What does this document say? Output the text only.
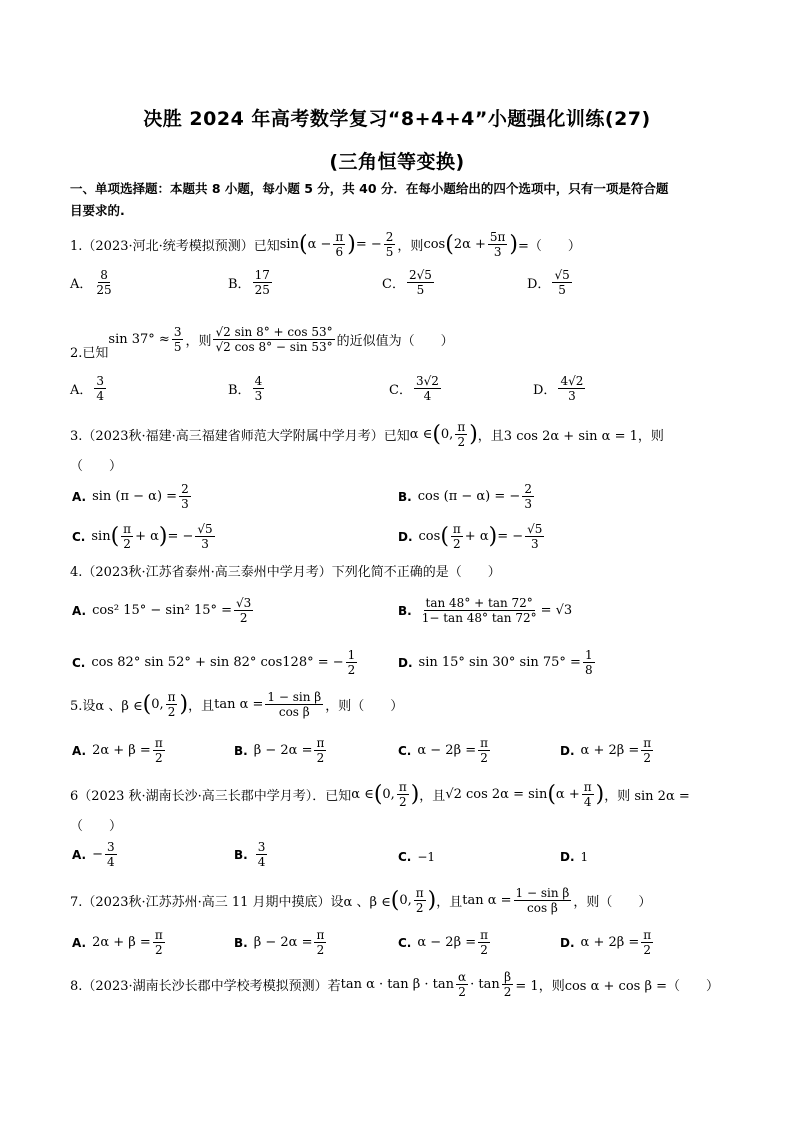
决胜 2024 年高考数学复习“8+4+4”小题强化训练(27)
(三角恒等变换)
一、单项选择题：本题共 8 小题，每小题 5 分，共 40 分．在每小题给出的四个选项中，只有一项是符合题
目要求的.
1.（2023·河北·统考模拟预测）已知 sin ( $\alpha - \frac{\pi}{6}$ ) = − $\frac{2}{5}$ ，则 cos ( $2\alpha + \frac{5\pi}{3}$ ) =（　　）
A． $\frac{8}{25}$	B． $\frac{17}{25}$	C． $\frac{2√5}{5}$	D． $\frac{√5}{5}$
2.已知
$\sin 37^\circ \approx \frac{3}{5}$ ，则 $\frac{√2 \sin 8^\circ + \cos 53^\circ}{√2 \cos 8^\circ - \sin 53^\circ}$ 的近似值为（　　）
A． $\frac{3}{4}$	B． $\frac{4}{3}$	C． $\frac{3√2}{4}$	D． $\frac{4√2}{3}$
3.（2023秋·福建·高三福建省师范大学附属中学月考）已知 α ∈ ( 0, $\frac{\pi}{2}$ ) ，且3 cos 2α + sin α = 1，则
（　　）
A. $\sin (\pi - \alpha) = \frac{2}{3}$	B. cos (π − α) = − $\frac{2}{3}$
C. sin ( $\frac{\pi}{2} + \alpha$ ) = − $\frac{√5}{3}$	D. cos ( $\frac{\pi}{2} + \alpha$ ) = − $\frac{√5}{3}$
4.（2023秋·江苏省泰州·高三泰州中学月考）下列化简不正确的是（　　）
A. cos² 15° − sin² $15^\circ = \frac{√3}{2}$	B. $\frac{\tan 48^\circ + \tan 72^\circ}{1- \tan 48^\circ \tan 72^\circ} = √3$
C. cos 82° sin 52° + sin 82° cos128° = − $\frac{1}{2}$	D. sin 15° sin 30° $\sin 75^\circ = \frac{1}{8}$
5.设α 、β ∈ ( 0, $\frac{\pi}{2}$ ) ，且 $\tan \alpha = \frac{\text{1 − sin β}}{\text{cos β}}$ ，则（　　）
A. $2\alpha + \beta = \frac{\pi}{2}$	B. $\beta - 2\alpha = \frac{\pi}{2}$	C. $\alpha - 2\beta = \frac{\pi}{2}$	D. $\alpha + 2\beta = \frac{\pi}{2}$
6（2023 秋·湖南长沙·高三长郡中学月考）．已知 α ∈ ( 0, $\frac{\pi}{2}$ ) ，且 √2 cos 2α = sin ( $\alpha + \frac{\pi}{4}$ ) ，则 sin 2α =
（　　）
A. − $\frac{3}{4}$	B. $\frac{3}{4}$	C. −1	D. 1
7.（2023秋·江苏苏州·高三 11 月期中摸底）设α 、β ∈ ( 0, $\frac{\pi}{2}$ ) ，且 $\tan \alpha = \frac{\text{1 − sin β}}{\text{cos β}}$ ，则（　　）
A. $2\alpha + \beta = \frac{\pi}{2}$	B. $\beta - 2\alpha = \frac{\pi}{2}$	C. $\alpha - 2\beta = \frac{\pi}{2}$	D. $\alpha + 2\beta = \frac{\pi}{2}$
8.（2023·湖南长沙长郡中学校考模拟预测）若 $\tan \alpha \cdot \tan \beta \cdot \tan \frac{\alpha}{2} \cdot \tan \frac{\beta}{2} = 1$，则cos α + cos β =（　　）
